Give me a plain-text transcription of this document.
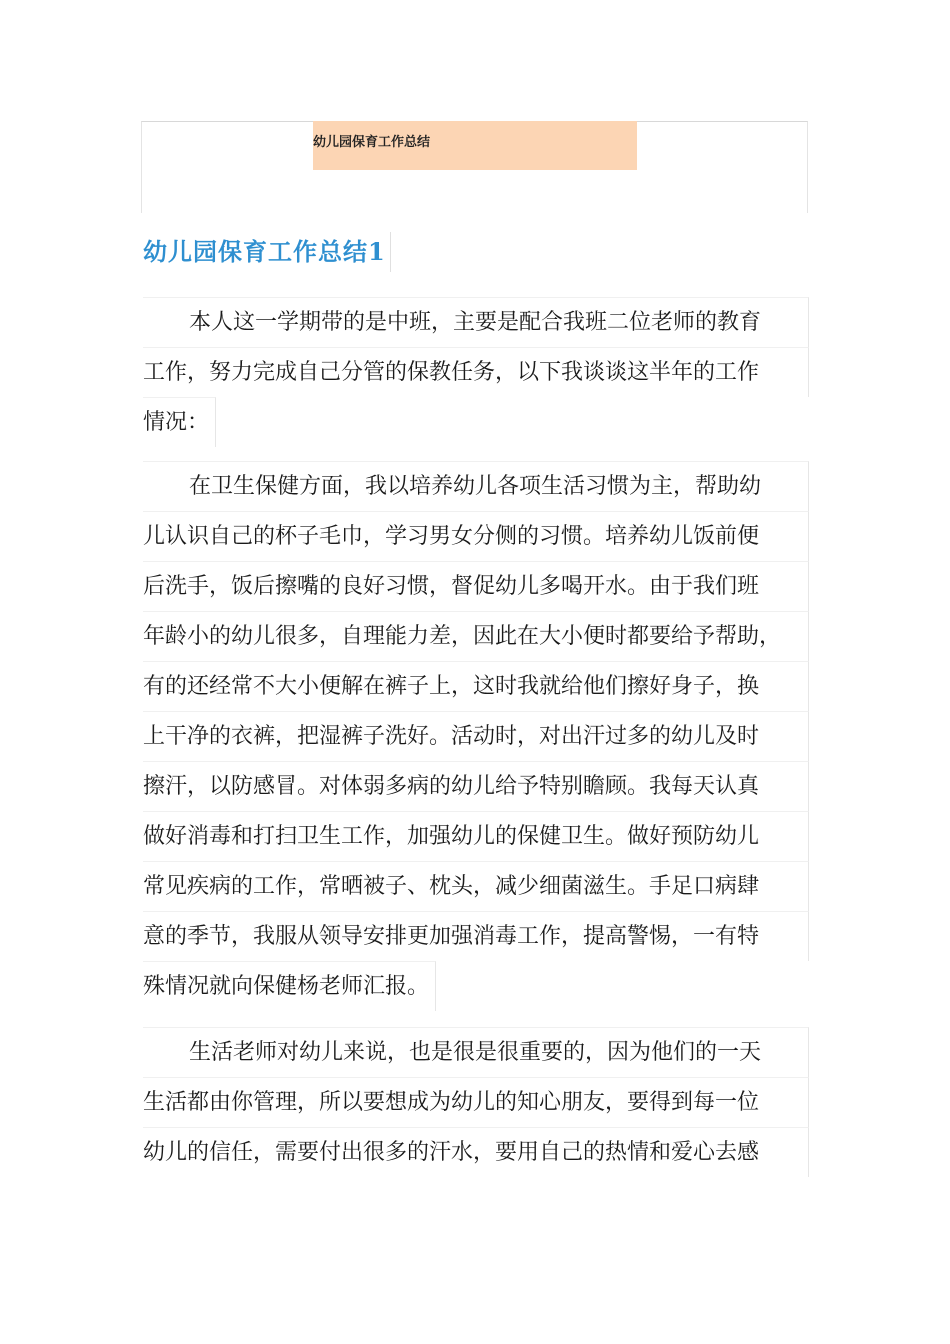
幼儿园保育工作总结
幼儿园保育工作总结1
本人这一学期带的是中班，主要是配合我班二位老师的教育
工作，努力完成自己分管的保教任务，以下我谈谈这半年的工作
情况：
在卫生保健方面，我以培养幼儿各项生活习惯为主，帮助幼
儿认识自己的杯子毛巾，学习男女分侧的习惯。培养幼儿饭前便
后洗手，饭后擦嘴的良好习惯，督促幼儿多喝开水。由于我们班
年龄小的幼儿很多，自理能力差，因此在大小便时都要给予帮助，
有的还经常不大小便解在裤子上，这时我就给他们擦好身子，换
上干净的衣裤，把湿裤子洗好。活动时，对出汗过多的幼儿及时
擦汗，以防感冒。对体弱多病的幼儿给予特别瞻顾。我每天认真
做好消毒和打扫卫生工作，加强幼儿的保健卫生。做好预防幼儿
常见疾病的工作，常晒被子、枕头，减少细菌滋生。手足口病肆
意的季节，我服从领导安排更加强消毒工作，提高警惕，一有特
殊情况就向保健杨老师汇报。
生活老师对幼儿来说，也是很是很重要的，因为他们的一天
生活都由你管理，所以要想成为幼儿的知心朋友，要得到每一位
幼儿的信任，需要付出很多的汗水，要用自己的热情和爱心去感
